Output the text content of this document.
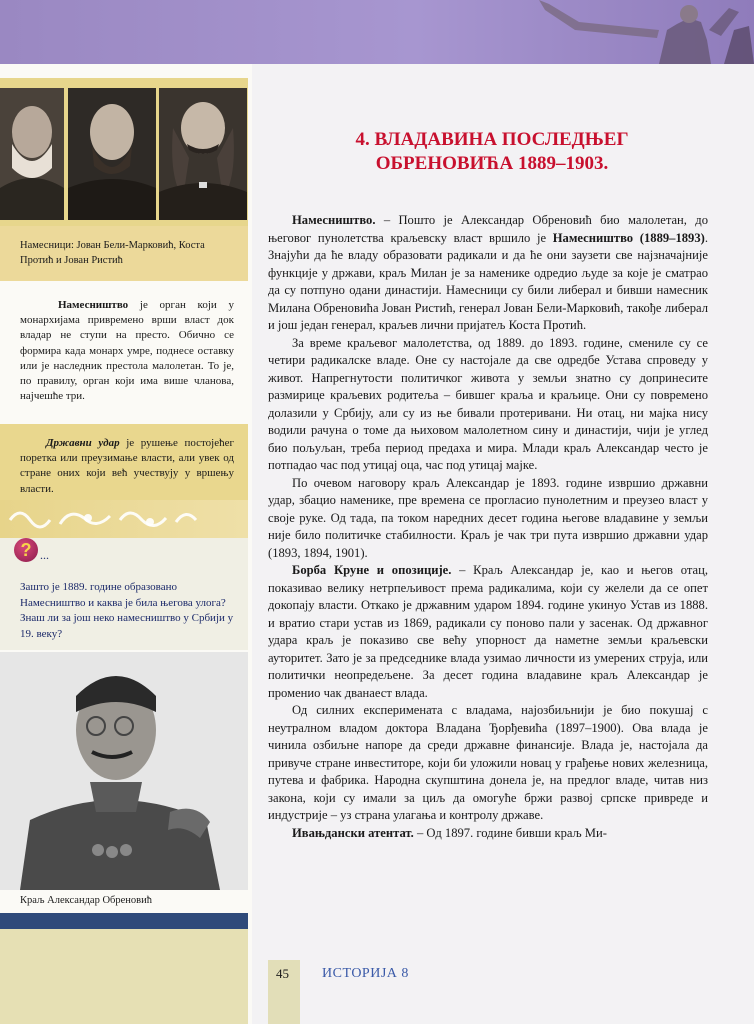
Намесници: Јован Бели-Марковић, Коста Протић и Јован Ристић
Намесништво је орган који у монархијама привремено врши власт док владар не ступи на престо. Обично се формира када монарх умре, поднесе оставку или је наследник престола малолетан. То је, по правилу, орган који има више чланова, најчешће три.
Државни удар је рушење постојећег поретка или преузимање власти, али увек од стране оних који већ учествују у вршењу власти.
? ...
Зашто је 1889. године образовано Намесништво и каква је била његова улога? Знаш ли за још неко намесништво у Србији у 19. веку?
Краљ Александар Обреновић
4. ВЛАДАВИНА ПОСЛЕДЊЕГ
ОБРЕНОВИЋА 1889–1903.

Намесништво. – Пошто је Александар Обреновић био малолетан, до његовог пунолетства краљевску власт вршило је Намесништво (1889–1893). Знајући да ће владу образовати радикали и да ће они заузети све најзначајније функције у држави, краљ Милан је за наменике одредио људе за које је сматрао да су потпуно одани династији. Намесници су били либерал и бивши намесник Милана Обреновића Јован Ристић, генерал Јован Бели-Марковић, такође либерал и још један генерал, краљев лични пријатељ Коста Протић.

За време краљевог малолетства, од 1889. до 1893. године, смениле су се четири радикалске владе. Оне су настојале да све одредбе Устава спроведу у живот. Напрегнутости политичког живота у земљи знатно су допринесите размирице краљевих родитеља – бившег краља и краљице. Они су повремено долазили у Србију, али су из ње бивали протеривани. Ни отац, ни мајка нису водили рачуна о томе да њиховом малолетном сину и династији, чији је углед био пољуљан, треба период предаха и мира. Млади краљ Александар често је потпадао час под утицај оца, час под утицај мајке.

По очевом наговору краљ Александар је 1893. године извршио државни удар, збацио наменике, пре времена се прогласио пунолетним и преузео власт у своје руке. Од тада, па током наредних десет година његове владавине у земљи није било политичке стабилности. Краљ је чак три пута извршио државни удар (1893, 1894, 1901).

Борба Круне и опозиције. – Краљ Александар је, као и његов отац, показивао велику нетрпељивост према радикалима, који су желели да се опет докопају власти. Откако је државним ударом 1894. године укинуо Устав из 1888. и вратио стари устав из 1869, радикали су поново пали у засенак. Од државног удара краљ је показиво све већу упорност да наметне земљи краљевски ауторитет. Зато је за председнике влада узимао личности из умерених струја, или политички неопредељене. За десет година владавине краљ Александар је променио чак дванаест влада.

Од силних експеримената с владама, најозбиљнији је био покушај с неутралном владом доктора Владана Ђорђевића (1897–1900). Ова влада је чинила озбиљне напоре да среди државне финансије. Влада је, настојала да привуче стране инвеститоре, који би уложили новац у грађење нових железница, путева и фабрика. Народна скупштина донела је, на предлог владе, читав низ закона, који су имали за циљ да омогуће бржи развој српске привреде и индустрије – уз страна улагања и контролу државе.

Ивањдански атентат. – Од 1897. године бивши краљ Ми-

45 ИСТОРИЈА 8
